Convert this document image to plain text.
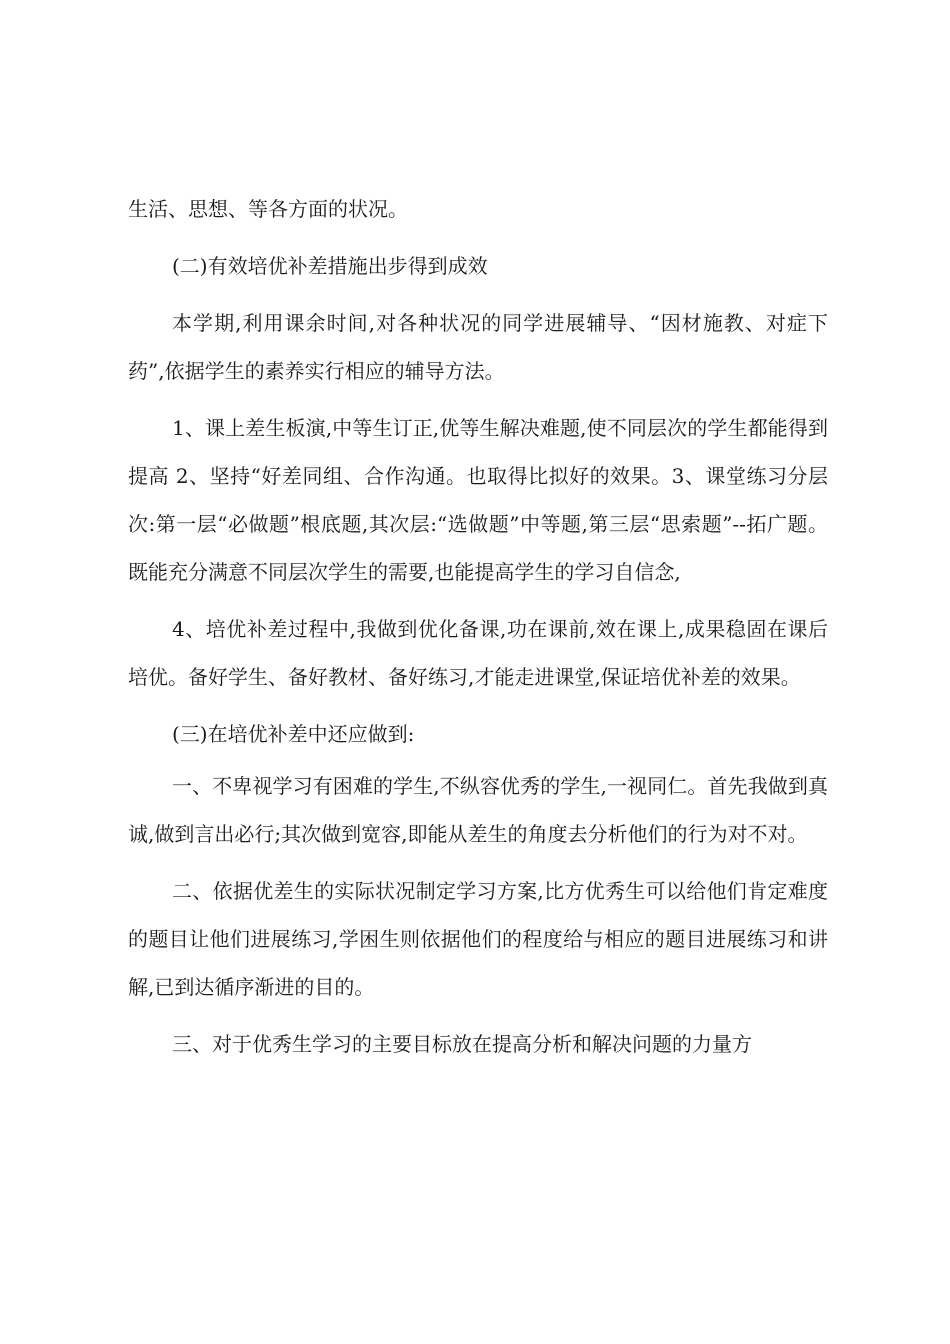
生活、思想、等各方面的状况。

(二)有效培优补差措施出步得到成效

本学期,利用课余时间,对各种状况的同学进展辅导、“因材施教、对症下药”,依据学生的素养实行相应的辅导方法。

1、课上差生板演,中等生订正,优等生解决难题,使不同层次的学生都能得到提高 2、坚持“好差同组、合作沟通。也取得比拟好的效果。3、课堂练习分层次:第一层“必做题”根底题,其次层:“选做题”中等题,第三层“思索题”--拓广题。既能充分满意不同层次学生的需要,也能提高学生的学习自信念,

4、培优补差过程中,我做到优化备课,功在课前,效在课上,成果稳固在课后培优。备好学生、备好教材、备好练习,才能走进课堂,保证培优补差的效果。

(三)在培优补差中还应做到:

一、不卑视学习有困难的学生,不纵容优秀的学生,一视同仁。首先我做到真诚,做到言出必行;其次做到宽容,即能从差生的角度去分析他们的行为对不对。

二、依据优差生的实际状况制定学习方案,比方优秀生可以给他们肯定难度的题目让他们进展练习,学困生则依据他们的程度给与相应的题目进展练习和讲解,已到达循序渐进的目的。

三、对于优秀生学习的主要目标放在提高分析和解决问题的力量方
